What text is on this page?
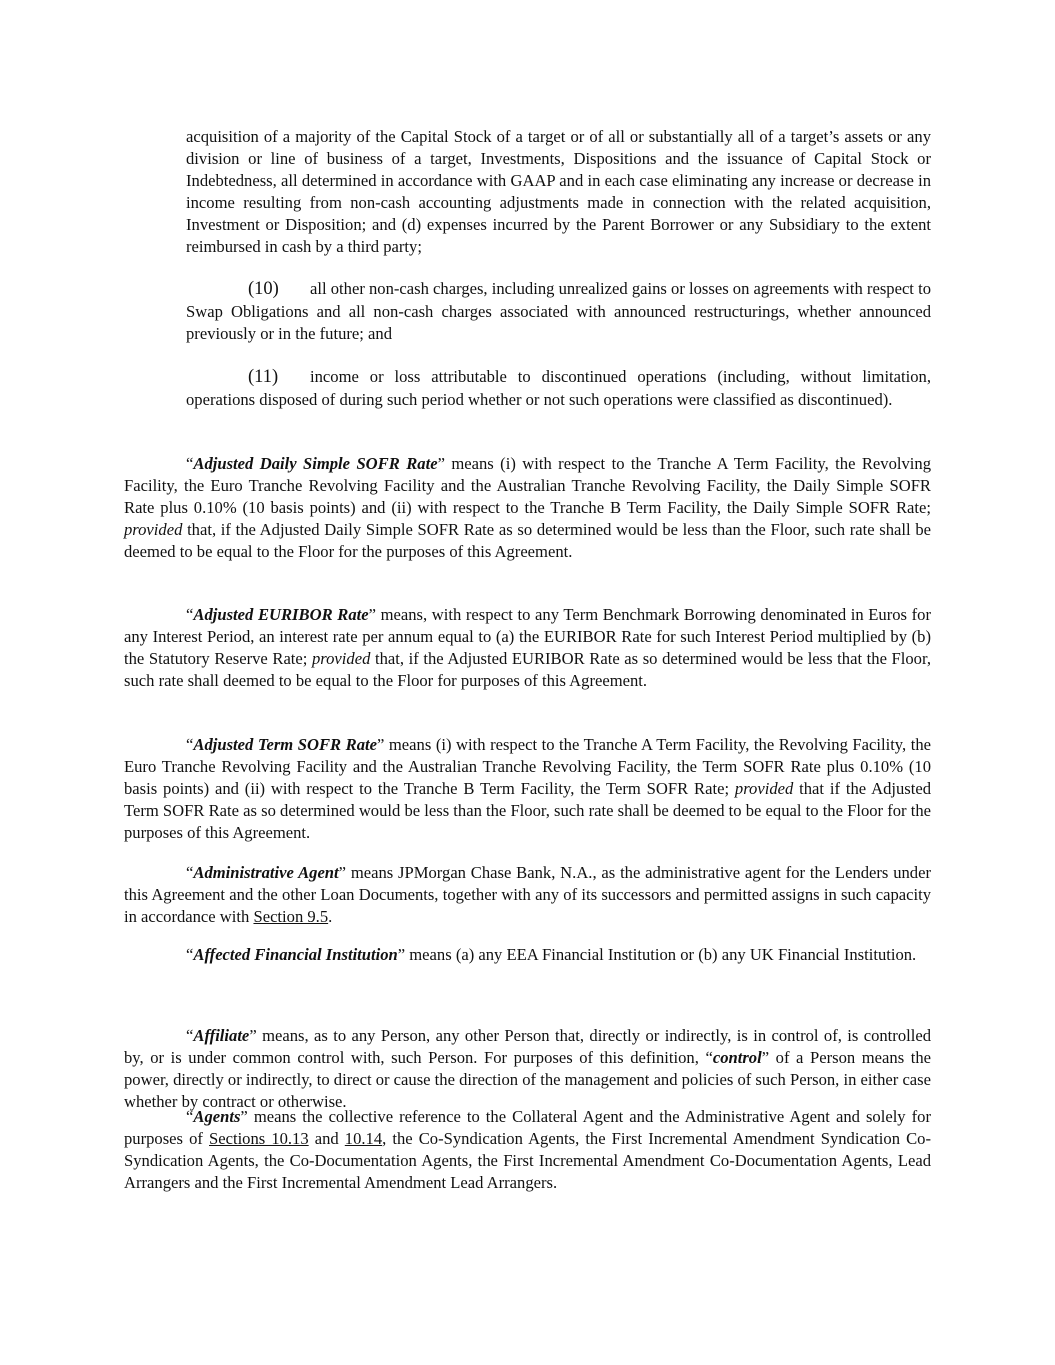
acquisition of a majority of the Capital Stock of a target or of all or substantially all of a target’s assets or any division or line of business of a target, Investments, Dispositions and the issuance of Capital Stock or Indebtedness, all determined in accordance with GAAP and in each case eliminating any increase or decrease in income resulting from non-cash accounting adjustments made in connection with the related acquisition, Investment or Disposition; and (d) expenses incurred by the Parent Borrower or any Subsidiary to the extent reimbursed in cash by a third party;

(10) all other non-cash charges, including unrealized gains or losses on agreements with respect to Swap Obligations and all non-cash charges associated with announced restructurings, whether announced previously or in the future; and

(11) income or loss attributable to discontinued operations (including, without limitation, operations disposed of during such period whether or not such operations were classified as discontinued).

“Adjusted Daily Simple SOFR Rate” means (i) with respect to the Tranche A Term Facility, the Revolving Facility, the Euro Tranche Revolving Facility and the Australian Tranche Revolving Facility, the Daily Simple SOFR Rate plus 0.10% (10 basis points) and (ii) with respect to the Tranche B Term Facility, the Daily Simple SOFR Rate; provided that, if the Adjusted Daily Simple SOFR Rate as so determined would be less than the Floor, such rate shall be deemed to be equal to the Floor for the purposes of this Agreement.

“Adjusted EURIBOR Rate” means, with respect to any Term Benchmark Borrowing denominated in Euros for any Interest Period, an interest rate per annum equal to (a) the EURIBOR Rate for such Interest Period multiplied by (b) the Statutory Reserve Rate; provided that, if the Adjusted EURIBOR Rate as so determined would be less that the Floor, such rate shall deemed to be equal to the Floor for purposes of this Agreement.

“Adjusted Term SOFR Rate” means (i) with respect to the Tranche A Term Facility, the Revolving Facility, the Euro Tranche Revolving Facility and the Australian Tranche Revolving Facility, the Term SOFR Rate plus 0.10% (10 basis points) and (ii) with respect to the Tranche B Term Facility, the Term SOFR Rate; provided that if the Adjusted Term SOFR Rate as so determined would be less than the Floor, such rate shall be deemed to be equal to the Floor for the purposes of this Agreement.

“Administrative Agent” means JPMorgan Chase Bank, N.A., as the administrative agent for the Lenders under this Agreement and the other Loan Documents, together with any of its successors and permitted assigns in such capacity in accordance with Section 9.5.

“Affected Financial Institution” means (a) any EEA Financial Institution or (b) any UK Financial Institution.

“Affiliate” means, as to any Person, any other Person that, directly or indirectly, is in control of, is controlled by, or is under common control with, such Person. For purposes of this definition, “control” of a Person means the power, directly or indirectly, to direct or cause the direction of the management and policies of such Person, in either case whether by contract or otherwise.

“Agents” means the collective reference to the Collateral Agent and the Administrative Agent and solely for purposes of Sections 10.13 and 10.14, the Co-Syndication Agents, the First Incremental Amendment Syndication Co-Syndication Agents, the Co-Documentation Agents, the First Incremental Amendment Co-Documentation Agents, Lead Arrangers and the First Incremental Amendment Lead Arrangers.
